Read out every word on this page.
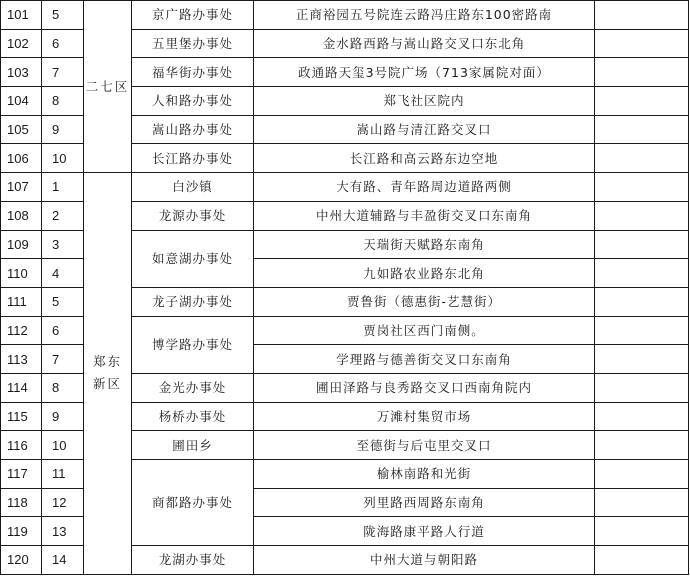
101	5	二七区	京广路办事处	正商裕园五号院连云路冯庄路东100密路南	
102	6		五里堡办事处	金水路西路与嵩山路交叉口东北角	
103	7		福华街办事处	政通路天玺3号院广场（713家属院对面）	
104	8		人和路办事处	郑飞社区院内	
105	9		嵩山路办事处	嵩山路与清江路交叉口	
106	10		长江路办事处	长江路和高云路东边空地	
107	1	郑东新区	白沙镇	大有路、青年路周边道路两侧	
108	2		龙源办事处	中州大道辅路与丰盈街交叉口东南角	
109	3		如意湖办事处	天瑞街天赋路东南角	
110	4			九如路农业路东北角	
111	5		龙子湖办事处	贾鲁街（德惠街-艺慧街）	
112	6		博学路办事处	贾岗社区西门南侧。	
113	7			学理路与德善街交叉口东南角	
114	8		金光办事处	圃田泽路与良秀路交叉口西南角院内	
115	9		杨桥办事处	万滩村集贸市场	
116	10		圃田乡	至德街与后屯里交叉口	
117	11		商都路办事处	榆林南路和光街	
118	12			列里路西周路东南角	
119	13			陇海路康平路人行道	
120	14		龙湖办事处	中州大道与朝阳路	
